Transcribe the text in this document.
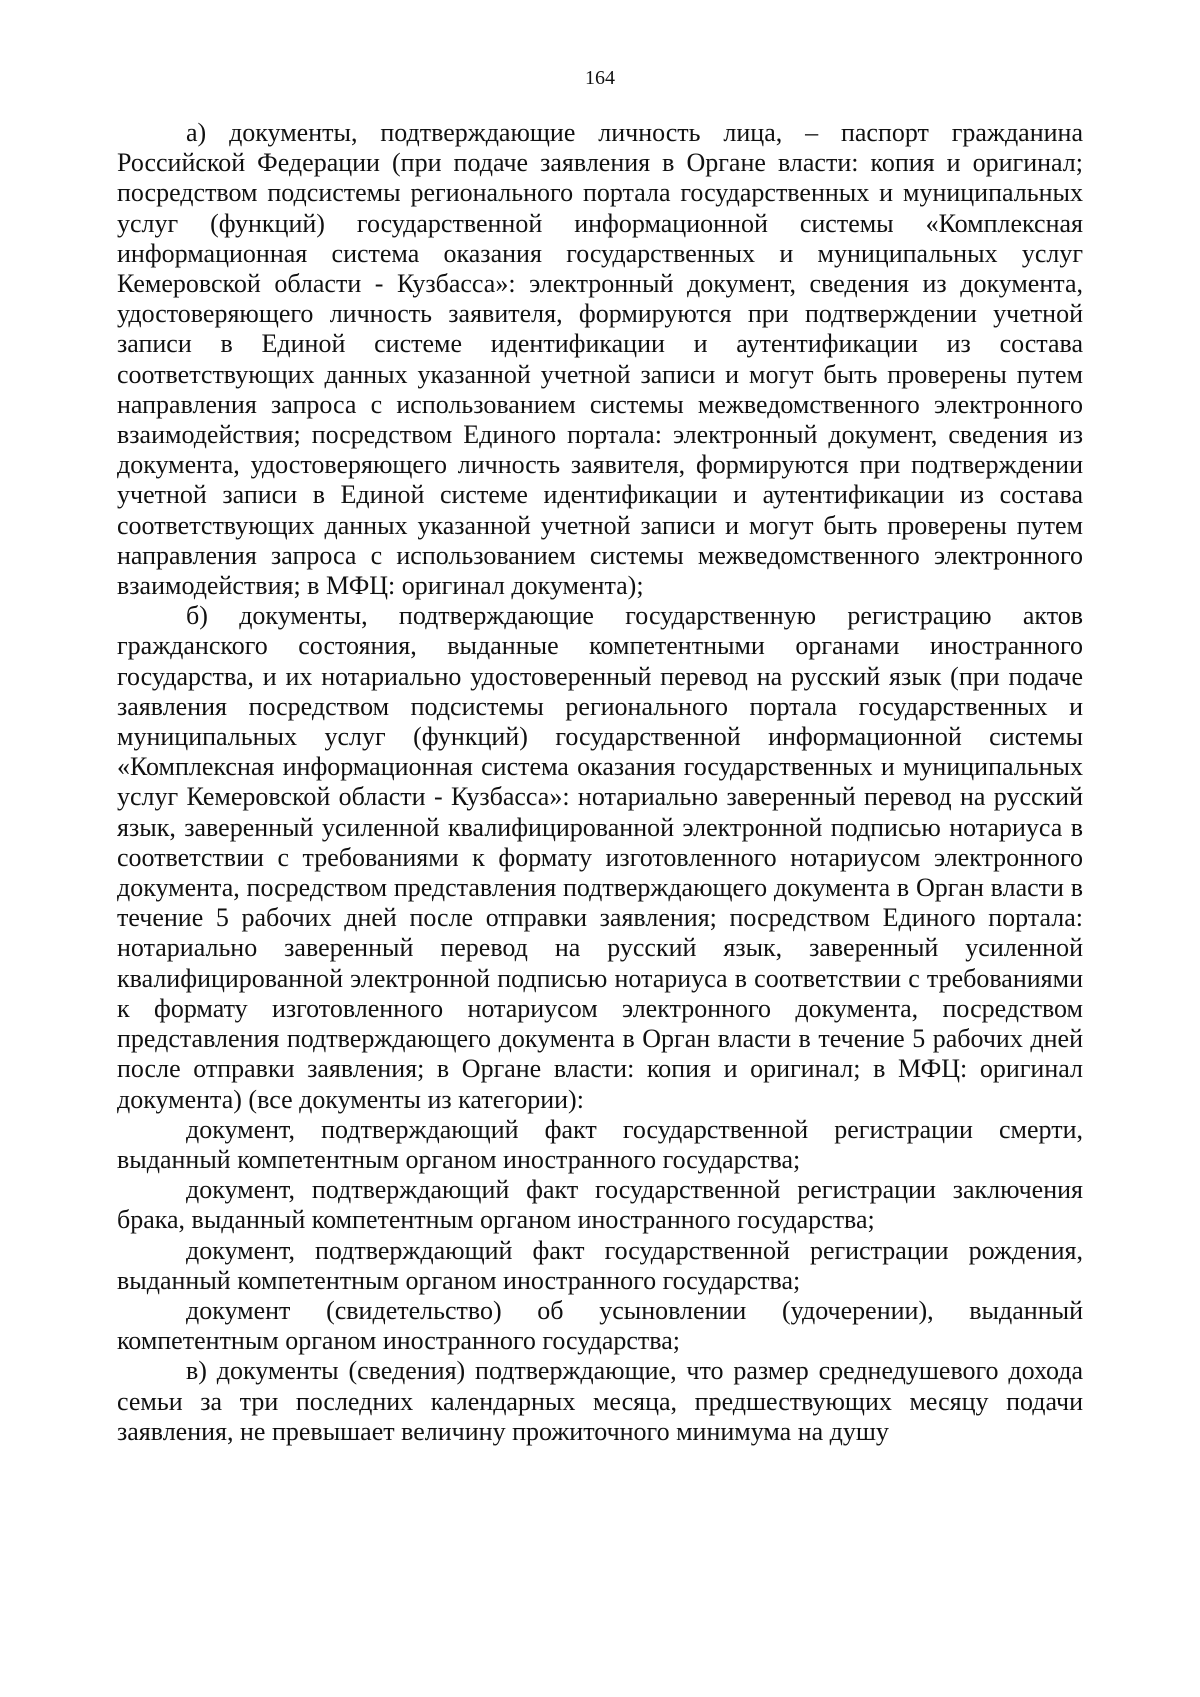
164

а) документы, подтверждающие личность лица, – паспорт гражданина Российской Федерации (при подаче заявления в Органе власти: копия и оригинал; посредством подсистемы регионального портала государственных и муниципальных услуг (функций) государственной информационной системы «Комплексная информационная система оказания государственных и муниципальных услуг Кемеровской области - Кузбасса»: электронный документ, сведения из документа, удостоверяющего личность заявителя, формируются при подтверждении учетной записи в Единой системе идентификации и аутентификации из состава соответствующих данных указанной учетной записи и могут быть проверены путем направления запроса с использованием системы межведомственного электронного взаимодействия; посредством Единого портала: электронный документ, сведения из документа, удостоверяющего личность заявителя, формируются при подтверждении учетной записи в Единой системе идентификации и аутентификации из состава соответствующих данных указанной учетной записи и могут быть проверены путем направления запроса с использованием системы межведомственного электронного взаимодействия; в МФЦ: оригинал документа);

б) документы, подтверждающие государственную регистрацию актов гражданского состояния, выданные компетентными органами иностранного государства, и их нотариально удостоверенный перевод на русский язык (при подаче заявления посредством подсистемы регионального портала государственных и муниципальных услуг (функций) государственной информационной системы «Комплексная информационная система оказания государственных и муниципальных услуг Кемеровской области - Кузбасса»: нотариально заверенный перевод на русский язык, заверенный усиленной квалифицированной электронной подписью нотариуса в соответствии с требованиями к формату изготовленного нотариусом электронного документа, посредством представления подтверждающего документа в Орган власти в течение 5 рабочих дней после отправки заявления; посредством Единого портала: нотариально заверенный перевод на русский язык, заверенный усиленной квалифицированной электронной подписью нотариуса в соответствии с требованиями к формату изготовленного нотариусом электронного документа, посредством представления подтверждающего документа в Орган власти в течение 5 рабочих дней после отправки заявления; в Органе власти: копия и оригинал; в МФЦ: оригинал документа) (все документы из категории):

документ, подтверждающий факт государственной регистрации смерти, выданный компетентным органом иностранного государства;

документ, подтверждающий факт государственной регистрации заключения брака, выданный компетентным органом иностранного государства;

документ, подтверждающий факт государственной регистрации рождения, выданный компетентным органом иностранного государства;

документ (свидетельство) об усыновлении (удочерении), выданный компетентным органом иностранного государства;

в) документы (сведения) подтверждающие, что размер среднедушевого дохода семьи за три последних календарных месяца, предшествующих месяцу подачи заявления, не превышает величину прожиточного минимума на душу
